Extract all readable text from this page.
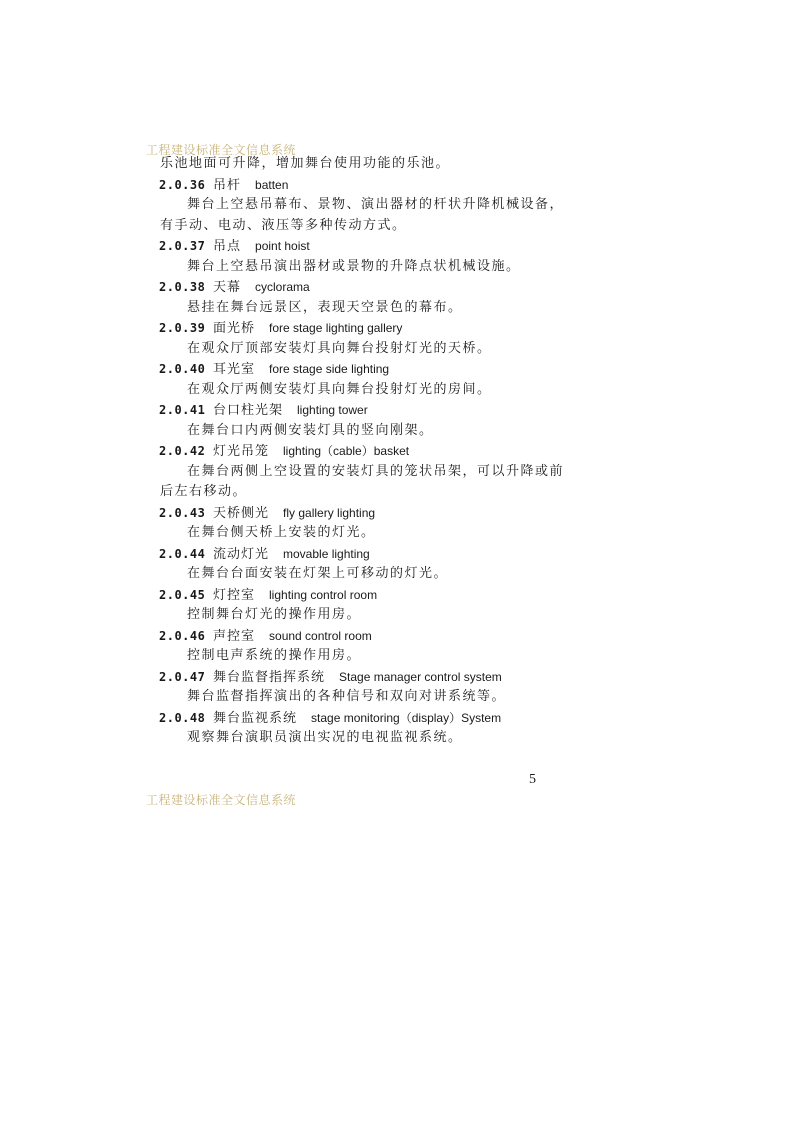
工程建设标准全文信息系统
乐池地面可升降，增加舞台使用功能的乐池。
2.0.36 吊杆 batten
舞台上空悬吊幕布、景物、演出器材的杆状升降机械设备，
有手动、电动、液压等多种传动方式。
2.0.37 吊点 point hoist
舞台上空悬吊演出器材或景物的升降点状机械设施。
2.0.38 天幕 cyclorama
悬挂在舞台远景区，表现天空景色的幕布。
2.0.39 面光桥 fore stage lighting gallery
在观众厅顶部安装灯具向舞台投射灯光的天桥。
2.0.40 耳光室 fore stage side lighting
在观众厅两侧安装灯具向舞台投射灯光的房间。
2.0.41 台口柱光架 lighting tower
在舞台口内两侧安装灯具的竖向刚架。
2.0.42 灯光吊笼 lighting（cable）basket
在舞台两侧上空设置的安装灯具的笼状吊架，可以升降或前
后左右移动。
2.0.43 天桥侧光 fly gallery lighting
在舞台侧天桥上安装的灯光。
2.0.44 流动灯光 movable lighting
在舞台台面安装在灯架上可移动的灯光。
2.0.45 灯控室 lighting control room
控制舞台灯光的操作用房。
2.0.46 声控室 sound control room
控制电声系统的操作用房。
2.0.47 舞台监督指挥系统 Stage manager control system
舞台监督指挥演出的各种信号和双向对讲系统等。
2.0.48 舞台监视系统 stage monitoring（display）System
观察舞台演职员演出实况的电视监视系统。
5
工程建设标准全文信息系统
